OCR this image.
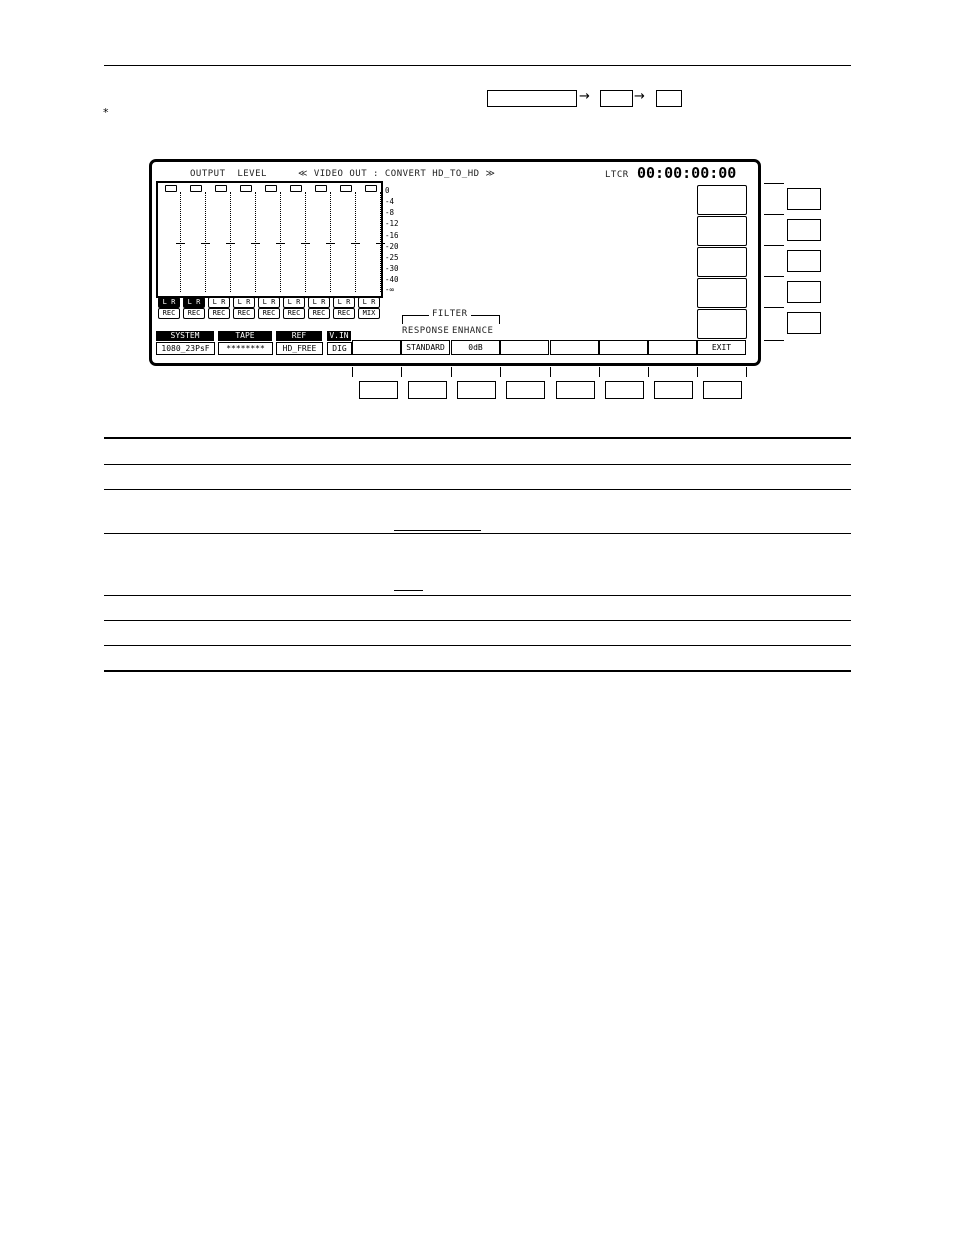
→	→
*
OUTPUT  LEVEL	≪ VIDEO OUT : CONVERT HD_TO_HD ≫	LTCR 00:00:00:00
0
-4
-8
-12
-16
-20
-25
-30
-40
-∞
L R
REC
L R
REC
L R
REC
L R
REC
L R
REC
L R
REC
L R
REC
L R
REC
L R
MIX
SYSTEM
1080_23PsF
TAPE
********
REF
HD_FREE
V.IN
DIG
FILTER
RESPONSE ENHANCE
STANDARD	0dB	EXIT
